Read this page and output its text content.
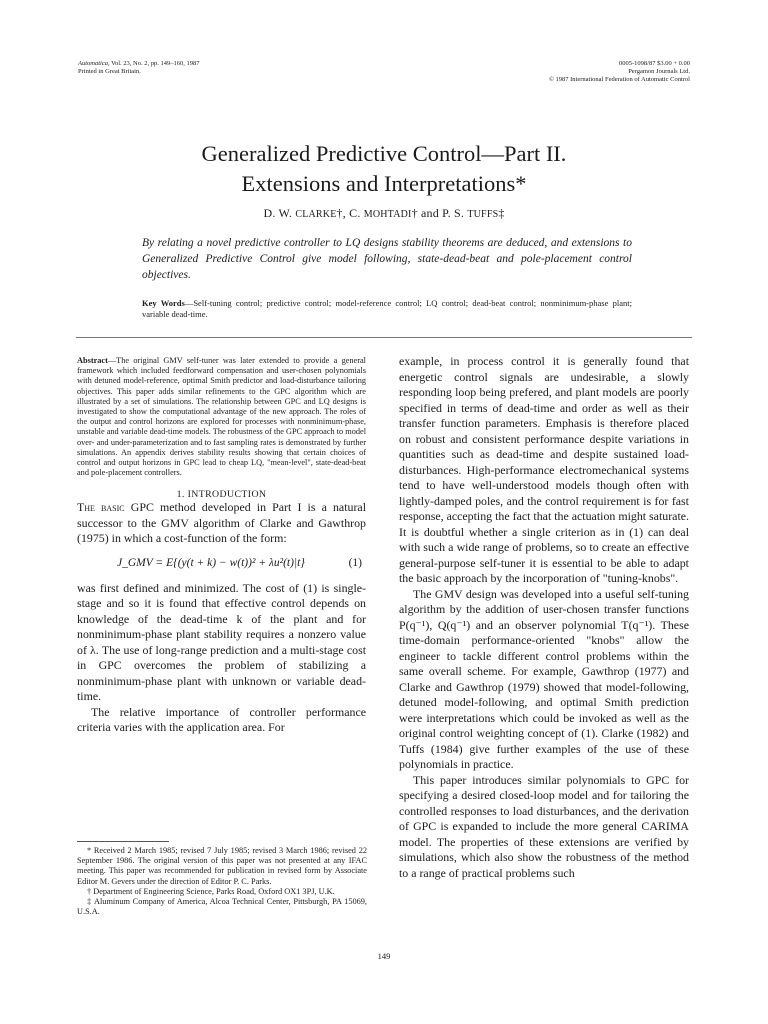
Automatica, Vol. 23, No. 2, pp. 149–160, 1987
Printed in Great Britain.
0005-1098/87 $3.00 + 0.00
Pergamon Journals Ltd.
© 1987 International Federation of Automatic Control
Generalized Predictive Control—Part II.
Extensions and Interpretations*
D. W. CLARKE†, C. MOHTADI† and P. S. TUFFS‡
By relating a novel predictive controller to LQ designs stability theorems are deduced, and extensions to Generalized Predictive Control give model following, state-dead-beat and pole-placement control objectives.
Key Words—Self-tuning control; predictive control; model-reference control; LQ control; dead-beat control; nonminimum-phase plant; variable dead-time.

Abstract—The original GMV self-tuner was later extended to provide a general framework which included feedforward compensation and user-chosen polynomials with detuned model-reference, optimal Smith predictor and load-disturbance tailoring objectives. This paper adds similar refinements to the GPC algorithm which are illustrated by a set of simulations. The relationship between GPC and LQ designs is investigated to show the computational advantage of the new approach. The roles of the output and control horizons are explored for processes with nonminimum-phase, unstable and variable dead-time models. The robustness of the GPC approach to model over- and under-parameterization and to fast sampling rates is demonstrated by further simulations. An appendix derives stability results showing that certain choices of control and output horizons in GPC lead to cheap LQ, "mean-level", state-dead-beat and pole-placement controllers.

1. INTRODUCTION

The basic GPC method developed in Part I is a natural successor to the GMV algorithm of Clarke and Gawthrop (1975) in which a cost-function of the form:

J_GMV = E{(y(t + k) − w(t))² + λu²(t)|t}	(1)

was first defined and minimized. The cost of (1) is single-stage and so it is found that effective control depends on knowledge of the dead-time k of the plant and for nonminimum-phase plant stability requires a nonzero value of λ. The use of long-range prediction and a multi-stage cost in GPC overcomes the problem of stabilizing a nonminimum-phase plant with unknown or variable dead-time.

The relative importance of controller performance criteria varies with the application area. For

* Received 2 March 1985; revised 7 July 1985; revised 3 March 1986; revised 22 September 1986. The original version of this paper was not presented at any IFAC meeting. This paper was recommended for publication in revised form by Associate Editor M. Gevers under the direction of Editor P. C. Parks.

† Department of Engineering Science, Parks Road, Oxford OX1 3PJ, U.K.

‡ Aluminum Company of America, Alcoa Technical Center, Pittsburgh, PA 15069, U.S.A.

example, in process control it is generally found that energetic control signals are undesirable, a slowly responding loop being prefered, and plant models are poorly specified in terms of dead-time and order as well as their transfer function parameters. Emphasis is therefore placed on robust and consistent performance despite variations in quantities such as dead-time and despite sustained load-disturbances. High-performance electromechanical systems tend to have well-understood models though often with lightly-damped poles, and the control requirement is for fast response, accepting the fact that the actuation might saturate. It is doubtful whether a single criterion as in (1) can deal with such a wide range of problems, so to create an effective general-purpose self-tuner it is essential to be able to adapt the basic approach by the incorporation of "tuning-knobs".

The GMV design was developed into a useful self-tuning algorithm by the addition of user-chosen transfer functions P(q⁻¹), Q(q⁻¹) and an observer polynomial T(q⁻¹). These time-domain performance-oriented "knobs" allow the engineer to tackle different control problems within the same overall scheme. For example, Gawthrop (1977) and Clarke and Gawthrop (1979) showed that model-following, detuned model-following, and optimal Smith prediction were interpretations which could be invoked as well as the original control weighting concept of (1). Clarke (1982) and Tuffs (1984) give further examples of the use of these polynomials in practice.

This paper introduces similar polynomials to GPC for specifying a desired closed-loop model and for tailoring the controlled responses to load disturbances, and the derivation of GPC is expanded to include the more general CARIMA model. The properties of these extensions are verified by simulations, which also show the robustness of the method to a range of practical problems such

149
